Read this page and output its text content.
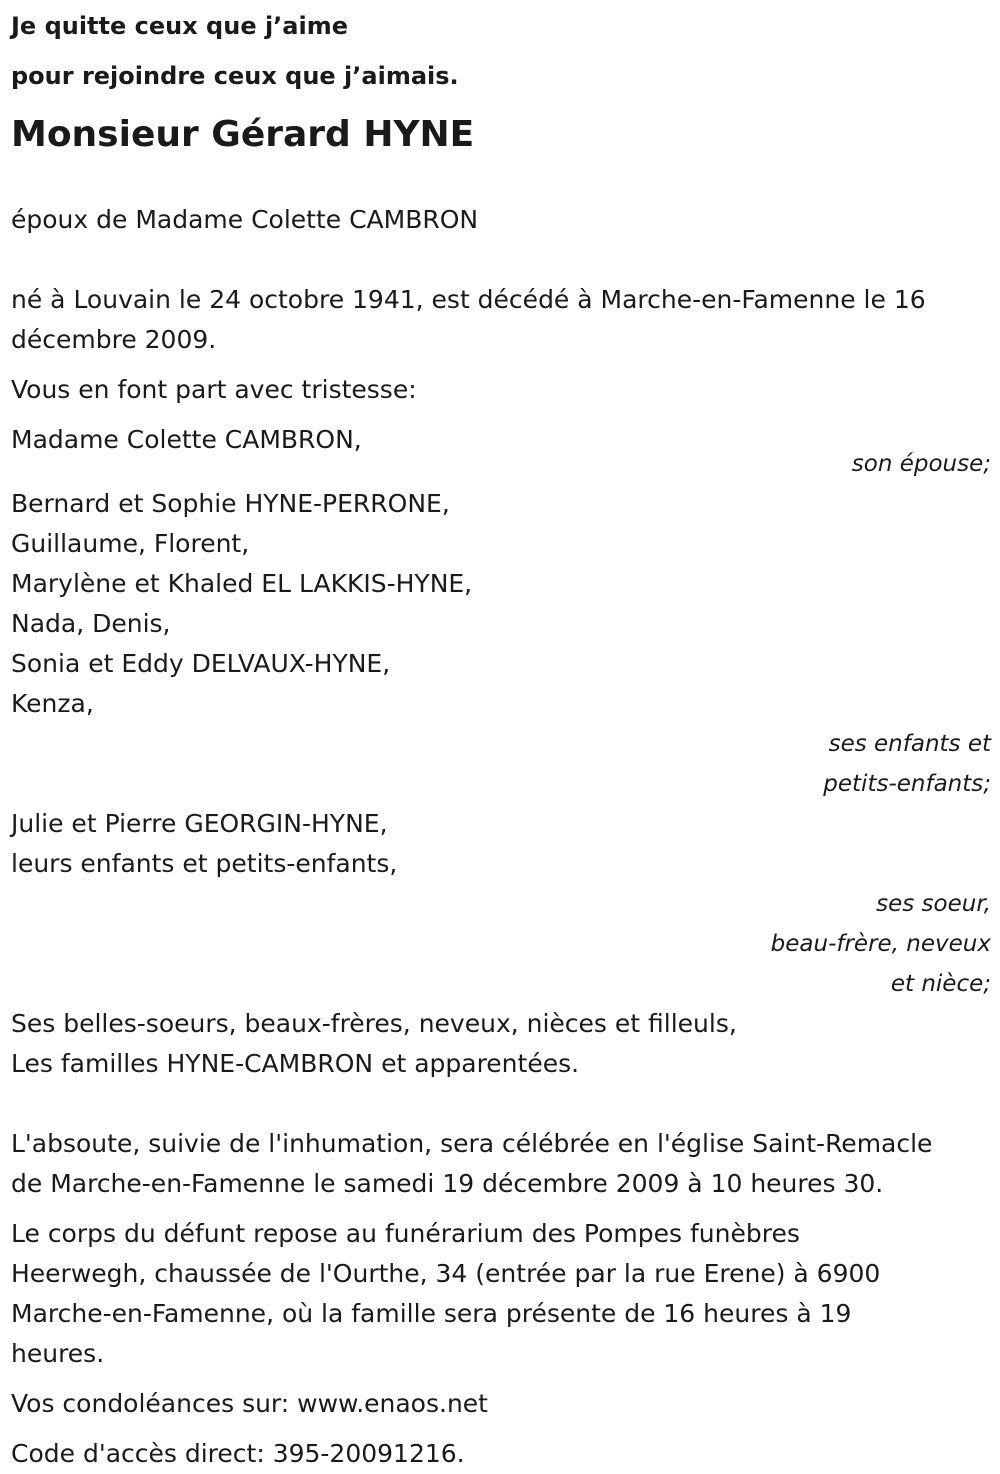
Je quitte ceux que j’aime
pour rejoindre ceux que j’aimais.
Monsieur Gérard HYNE
époux de Madame Colette CAMBRON
né à Louvain le 24 octobre 1941, est décédé à Marche-en-Famenne le 16
décembre 2009.
Vous en font part avec tristesse:
Madame Colette CAMBRON,
son épouse;
Bernard et Sophie HYNE-PERRONE,
Guillaume, Florent,
Marylène et Khaled EL LAKKIS-HYNE,
Nada, Denis,
Sonia et Eddy DELVAUX-HYNE,
Kenza,
ses enfants et
petits-enfants;
Julie et Pierre GEORGIN-HYNE,
leurs enfants et petits-enfants,
ses soeur,
beau-frère, neveux
et nièce;
Ses belles-soeurs, beaux-frères, neveux, nièces et filleuls,
Les familles HYNE-CAMBRON et apparentées.
L'absoute, suivie de l'inhumation, sera célébrée en l'église Saint-Remacle
de Marche-en-Famenne le samedi 19 décembre 2009 à 10 heures 30.
Le corps du défunt repose au funérarium des Pompes funèbres
Heerwegh, chaussée de l'Ourthe, 34 (entrée par la rue Erene) à 6900
Marche-en-Famenne, où la famille sera présente de 16 heures à 19
heures.
Vos condoléances sur: www.enaos.net
Code d'accès direct: 395-20091216.
